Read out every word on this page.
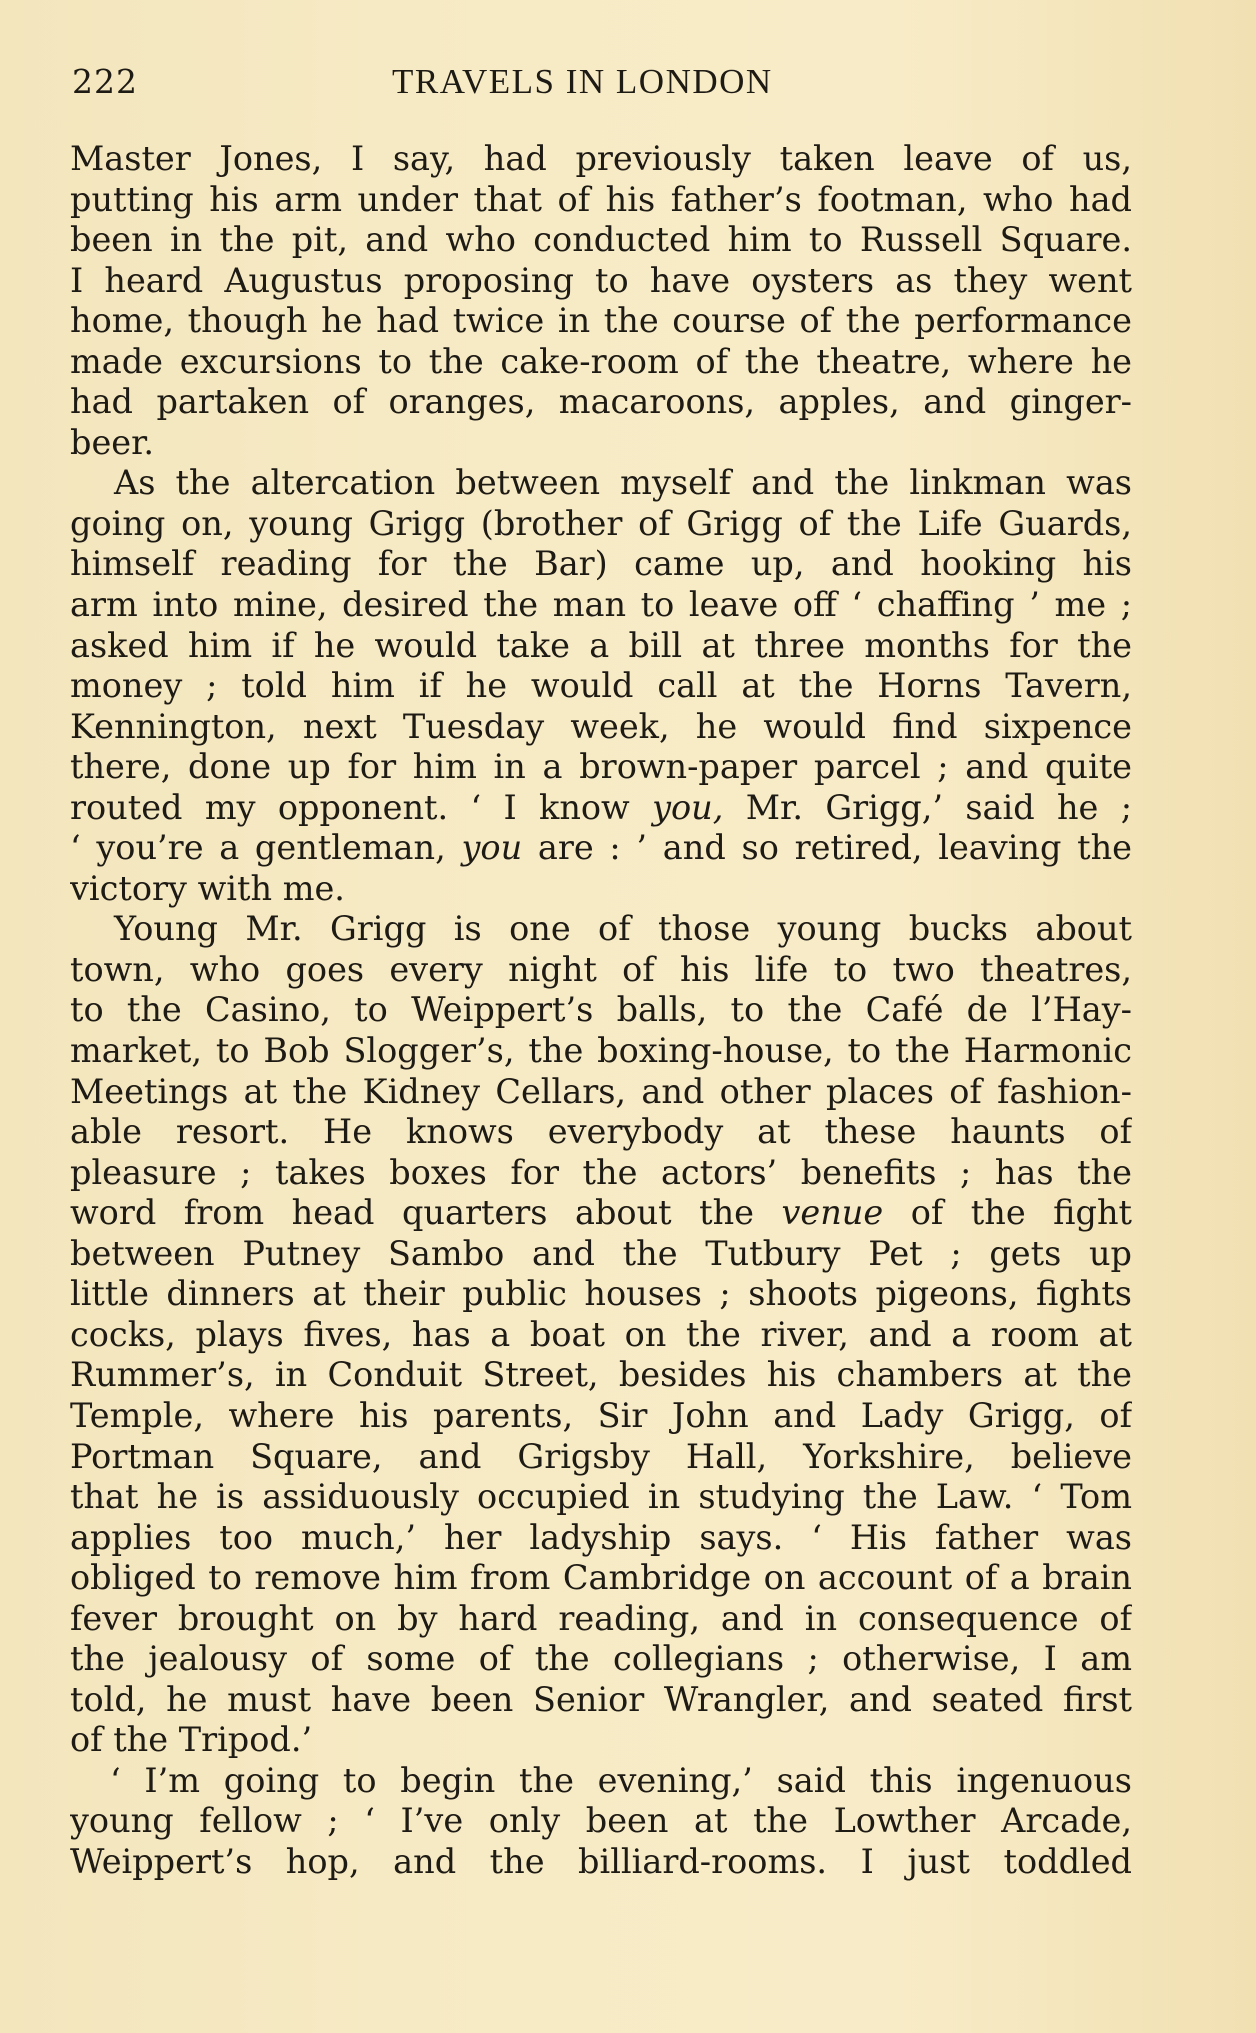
222	TRAVELS IN LONDON
Master Jones, I say, had previously taken leave of us,
putting his arm under that of his father’s footman, who had
been in the pit, and who conducted him to Russell Square.
I heard Augustus proposing to have oysters as they went
home, though he had twice in the course of the performance
made excursions to the cake-room of the theatre, where he
had partaken of oranges, macaroons, apples, and ginger-
beer.
As the altercation between myself and the linkman was
going on, young Grigg (brother of Grigg of the Life Guards,
himself reading for the Bar) came up, and hooking his
arm into mine, desired the man to leave off ‘ chaffing ’ me ;
asked him if he would take a bill at three months for the
money ; told him if he would call at the Horns Tavern,
Kennington, next Tuesday week, he would find sixpence
there, done up for him in a brown-paper parcel ; and quite
routed my opponent. ‘ I know you, Mr. Grigg,’ said he ;
‘ you’re a gentleman, you are : ’ and so retired, leaving the
victory with me.
Young Mr. Grigg is one of those young bucks about
town, who goes every night of his life to two theatres,
to the Casino, to Weippert’s balls, to the Café de l’Hay-
market, to Bob Slogger’s, the boxing-house, to the Harmonic
Meetings at the Kidney Cellars, and other places of fashion-
able resort. He knows everybody at these haunts of
pleasure ; takes boxes for the actors’ benefits ; has the
word from head quarters about the venue of the fight
between Putney Sambo and the Tutbury Pet ; gets up
little dinners at their public houses ; shoots pigeons, fights
cocks, plays fives, has a boat on the river, and a room at
Rummer’s, in Conduit Street, besides his chambers at the
Temple, where his parents, Sir John and Lady Grigg, of
Portman Square, and Grigsby Hall, Yorkshire, believe
that he is assiduously occupied in studying the Law. ‘ Tom
applies too much,’ her ladyship says. ‘ His father was
obliged to remove him from Cambridge on account of a brain
fever brought on by hard reading, and in consequence of
the jealousy of some of the collegians ; otherwise, I am
told, he must have been Senior Wrangler, and seated first
of the Tripod.’
‘ I’m going to begin the evening,’ said this ingenuous
young fellow ; ‘ I’ve only been at the Lowther Arcade,
Weippert’s hop, and the billiard-rooms. I just toddled
